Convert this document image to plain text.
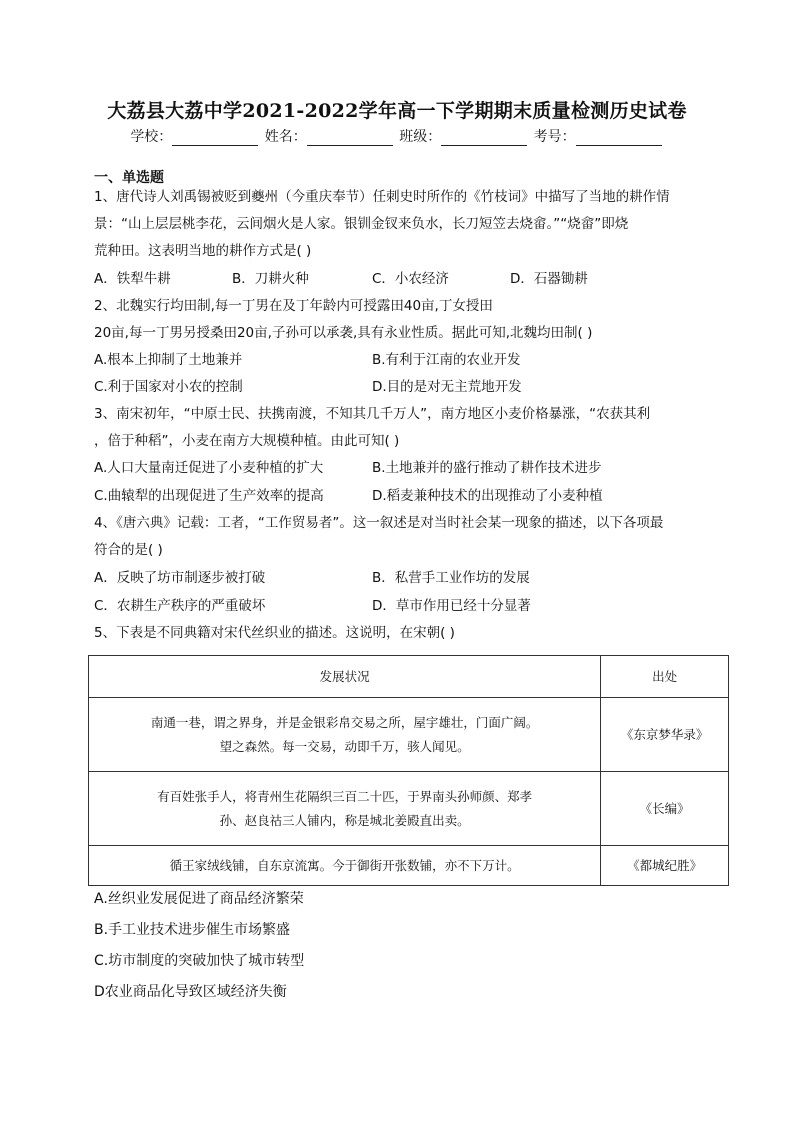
大荔县大荔中学2021-2022学年高一下学期期末质量检测历史试卷
学校：	姓名：	班级：	考号：
一、单选题
1、唐代诗人刘禹锡被贬到夔州（今重庆奉节）任刺史时所作的《竹枝词》中描写了当地的耕作情
景：“山上层层桃李花，云间烟火是人家。银钏金钗来负水，长刀短笠去烧畲。”“烧畲”即烧
荒种田。这表明当地的耕作方式是( )
A．铁犁牛耕	B．刀耕火种	C．小农经济	D．石器锄耕
2、北魏实行均田制,每一丁男在及丁年龄内可授露田40亩,丁女授田
20亩,每一丁男另授桑田20亩,子孙可以承袭,具有永业性质。据此可知,北魏均田制( )
A.根本上抑制了土地兼并	B.有利于江南的农业开发
C.利于国家对小农的控制	D.目的是对无主荒地开发
3、南宋初年，“中原士民、扶携南渡，不知其几千万人”，南方地区小麦价格暴涨，“农获其利
，倍于种稻”，小麦在南方大规模种植。由此可知( )
A.人口大量南迁促进了小麦种植的扩大	B.土地兼并的盛行推动了耕作技术进步
C.曲辕犁的出现促进了生产效率的提高	D.稻麦兼种技术的出现推动了小麦种植
4、《唐六典》记载：工者，“工作贸易者”。这一叙述是对当时社会某一现象的描述，以下各项最
符合的是( )
A．反映了坊市制逐步被打破	B．私营手工业作坊的发展
C．农耕生产秩序的严重破坏	D．草市作用已经十分显著
5、下表是不同典籍对宋代丝织业的描述。这说明，在宋朝( )
发展状况	出处

南通一巷，谓之界身，并是金银彩帛交易之所，屋宇雄壮，门面广阔。
望之森然。每一交易，动即千万，骇人闻见。	《东京梦华录》

有百姓张手人，将青州生花隔织三百二十匹，于界南头孙师颜、郑孝
孙、赵良祜三人铺内，称是城北姜殿直出卖。	《长编》

循王家绒线铺，自东京流寓。今于御街开张数铺，亦不下万计。	《都城纪胜》
A.丝织业发展促进了商品经济繁荣
B.手工业技术进步催生市场繁盛
C.坊市制度的突破加快了城市转型
D农业商品化导致区域经济失衡
